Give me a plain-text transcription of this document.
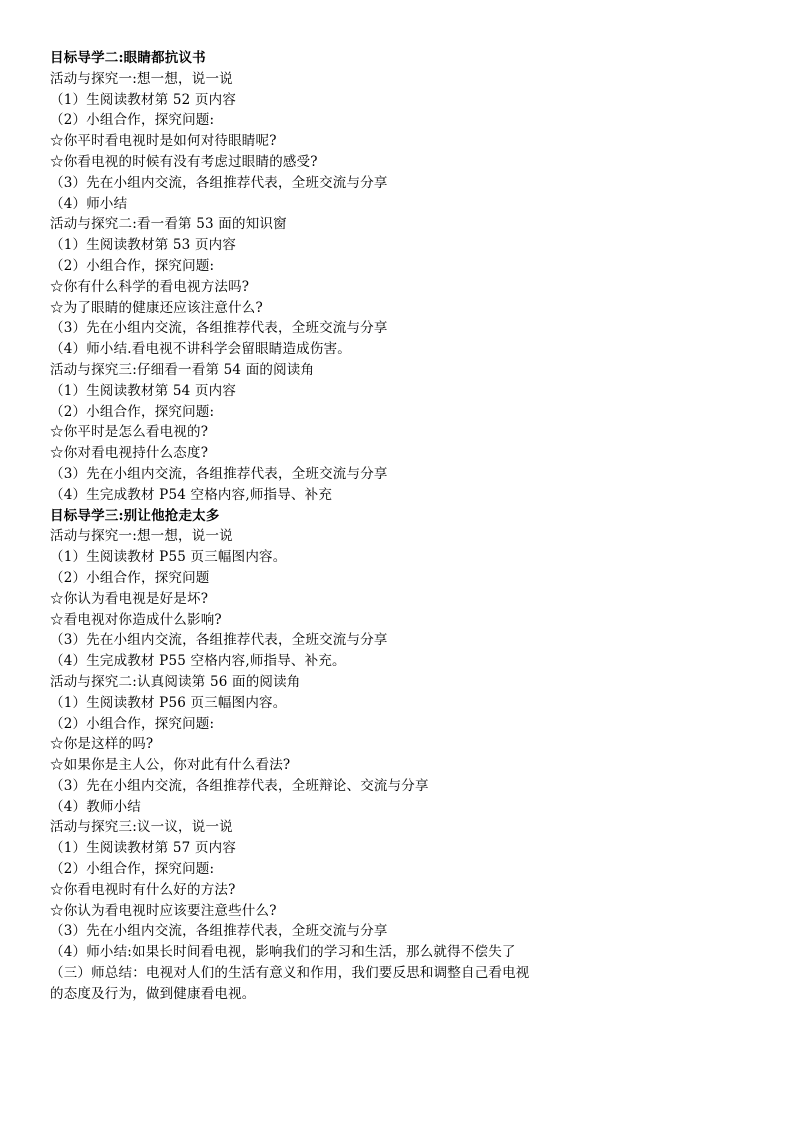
目标导学二:眼睛都抗议书
活动与探究一:想一想，说一说
（1）生阅读教材第 52 页内容
（2）小组合作，探究问题:
☆你平时看电视时是如何对待眼睛呢?
☆你看电视的时候有没有考虑过眼睛的感受?
（3）先在小组内交流，各组推荐代表，全班交流与分享
（4）师小结
活动与探究二:看一看第 53 面的知识窗
（1）生阅读教材第 53 页内容
（2）小组合作，探究问题:
☆你有什么科学的看电视方法吗?
☆为了眼睛的健康还应该注意什么?
（3）先在小组内交流，各组推荐代表，全班交流与分享
（4）师小结.看电视不讲科学会留眼睛造成伤害。
活动与探究三:仔细看一看第 54 面的阅读角
（1）生阅读教材第 54 页内容
（2）小组合作，探究问题:
☆你平时是怎么看电视的?
☆你对看电视持什么态度?
（3）先在小组内交流，各组推荐代表，全班交流与分享
（4）生完成教材 P54 空格内容,师指导、补充
目标导学三:别让他抢走太多
活动与探究一:想一想，说一说
（1）生阅读教材 P55 页三幅图内容。
（2）小组合作，探究问题
☆你认为看电视是好是坏?
☆看电视对你造成什么影响?
（3）先在小组内交流，各组推荐代表，全班交流与分享
（4）生完成教材 P55 空格内容,师指导、补充。
活动与探究二:认真阅读第 56 面的阅读角
（1）生阅读教材 P56 页三幅图内容。
（2）小组合作，探究问题:
☆你是这样的吗?
☆如果你是主人公，你对此有什么看法?
（3）先在小组内交流，各组推荐代表，全班辩论、交流与分享
（4）教师小结
活动与探究三:议一议，说一说
（1）生阅读教材第 57 页内容
（2）小组合作，探究问题:
☆你看电视时有什么好的方法?
☆你认为看电视时应该要注意些什么?
（3）先在小组内交流，各组推荐代表，全班交流与分享
（4）师小结:如果长时间看电视，影响我们的学习和生活，那么就得不偿失了
（三）师总结：电视对人们的生活有意义和作用，我们要反思和调整自己看电视
的态度及行为，做到健康看电视。
